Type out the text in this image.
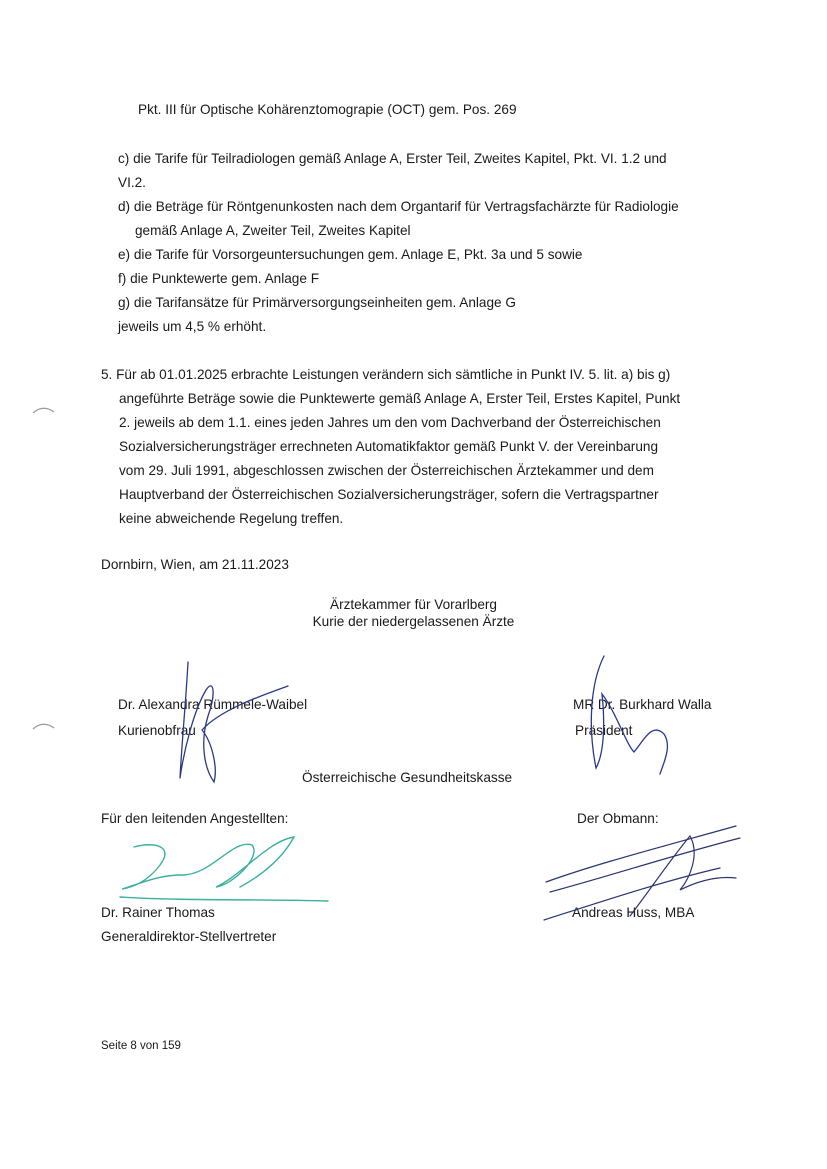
Pkt. III für Optische Kohärenztomograpie (OCT) gem. Pos. 269
c) die Tarife für Teilradiologen gemäß Anlage A, Erster Teil, Zweites Kapitel, Pkt. VI. 1.2 und
VI.2.
d) die Beträge für Röntgenunkosten nach dem Organtarif für Vertragsfachärzte für Radiologie
gemäß Anlage A, Zweiter Teil, Zweites Kapitel
e) die Tarife für Vorsorgeuntersuchungen gem. Anlage E, Pkt. 3a und 5 sowie
f) die Punktewerte gem. Anlage F
g) die Tarifansätze für Primärversorgungseinheiten gem. Anlage G
jeweils um 4,5 % erhöht.
5. Für ab 01.01.2025 erbrachte Leistungen verändern sich sämtliche in Punkt IV. 5. lit. a) bis g)
angeführte Beträge sowie die Punktewerte gemäß Anlage A, Erster Teil, Erstes Kapitel, Punkt
2. jeweils ab dem 1.1. eines jeden Jahres um den vom Dachverband der Österreichischen
Sozialversicherungsträger errechneten Automatikfaktor gemäß Punkt V. der Vereinbarung
vom 29. Juli 1991, abgeschlossen zwischen der Österreichischen Ärztekammer und dem
Hauptverband der Österreichischen Sozialversicherungsträger, sofern die Vertragspartner
keine abweichende Regelung treffen.
Dornbirn, Wien, am 21.11.2023
Ärztekammer für Vorarlberg
Kurie der niedergelassenen Ärzte
Dr. Alexandra Rümmele-Waibel
Kurienobfrau
MR Dr. Burkhard Walla
Präsident
Österreichische Gesundheitskasse
Für den leitenden Angestellten:	Der Obmann:
Dr. Rainer Thomas
Generaldirektor-Stellvertreter
Andreas Huss, MBA
Seite 8 von 159
